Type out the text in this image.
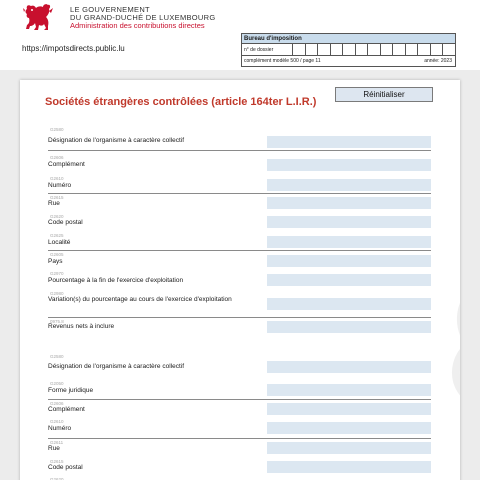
LE GOUVERNEMENT
DU GRAND-DUCHÉ DE LUXEMBOURG
Administration des contributions directes
https://impotsdirects.public.lu
Bureau d'imposition
n° de dossier
complément modèle 500 / page 11	année: 2023
Réinitialiser
Sociétés étrangères contrôlées (article 164ter L.I.R.)
G2580
Désignation de l'organisme à caractère collectif
G2606
Complément
G2610
Numéro
G2615
Rue
G2620
Code postal
G2625
Localité
G2605
Pays
G2970
Pourcentage à la fin de l'exercice d'exploitation
G2980
Variation(s) du pourcentage au cours de l'exercice d'exploitation
0975.8
Revenus nets à inclure
G2580
Désignation de l'organisme à caractère collectif
G2050
Forme juridique
G2606
Complément
G2610
Numéro
G2611
Rue
G2615
Code postal
G2620
